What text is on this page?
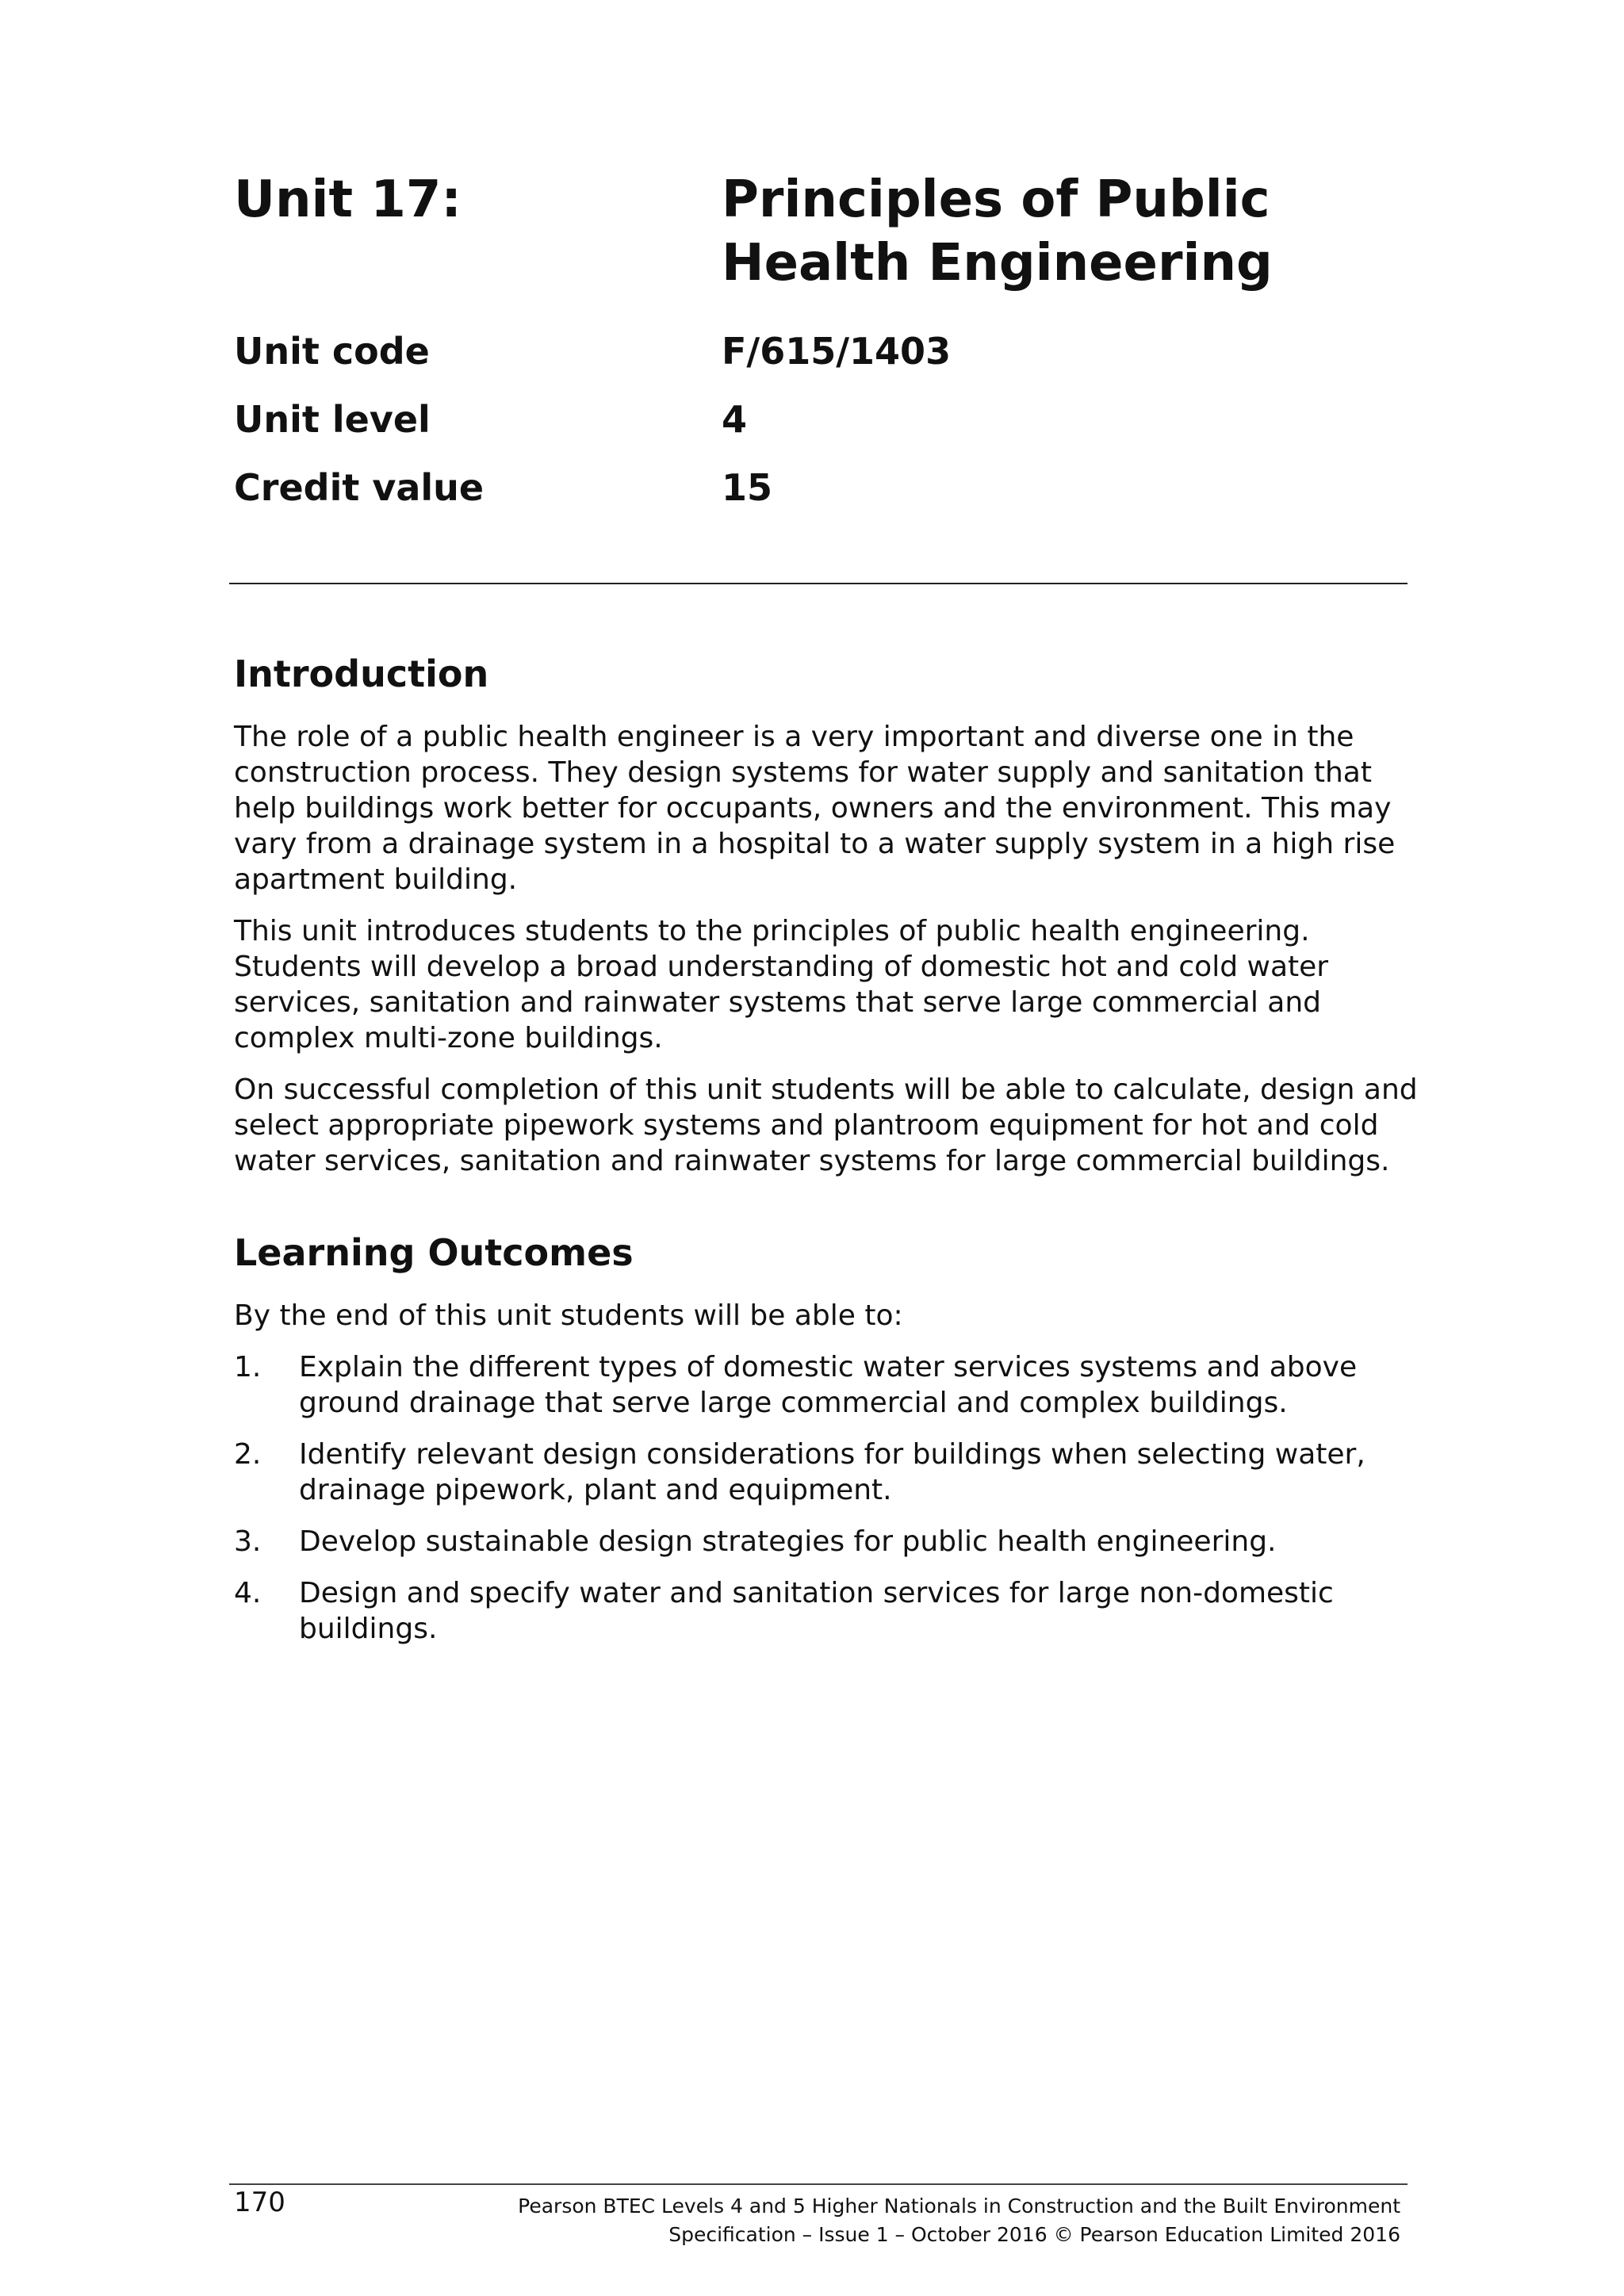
Unit 17:	Principles of Public
Health Engineering
Unit code	F/615/1403
Unit level	4
Credit value	15
Introduction

The role of a public health engineer is a very important and diverse one in the construction process. They design systems for water supply and sanitation that help buildings work better for occupants, owners and the environment. This may vary from a drainage system in a hospital to a water supply system in a high rise apartment building.

This unit introduces students to the principles of public health engineering. Students will develop a broad understanding of domestic hot and cold water services, sanitation and rainwater systems that serve large commercial and complex multi-zone buildings.

On successful completion of this unit students will be able to calculate, design and select appropriate pipework systems and plantroom equipment for hot and cold water services, sanitation and rainwater systems for large commercial buildings.

Learning Outcomes

By the end of this unit students will be able to:

1.	Explain the different types of domestic water services systems and above ground drainage that serve large commercial and complex buildings.
2.	Identify relevant design considerations for buildings when selecting water, drainage pipework, plant and equipment.
3.	Develop sustainable design strategies for public health engineering.
4.	Design and specify water and sanitation services for large non-domestic buildings.
170	Pearson BTEC Levels 4 and 5 Higher Nationals in Construction and the Built Environment
Specification – Issue 1 – October 2016 © Pearson Education Limited 2016
